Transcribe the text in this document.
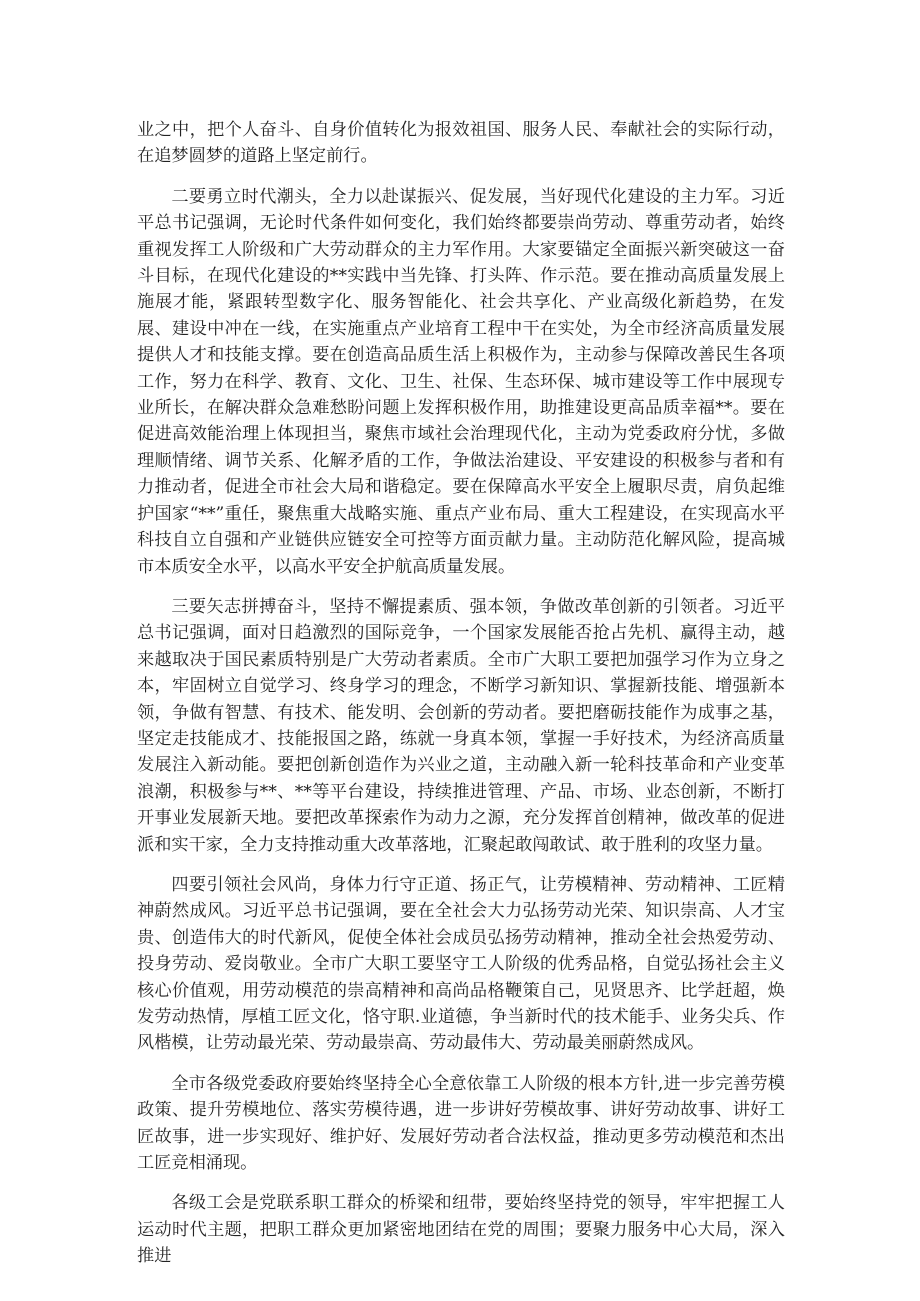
业之中，把个人奋斗、自身价值转化为报效祖国、服务人民、奉献社会的实际行动，在追梦圆梦的道路上坚定前行。

二要勇立时代潮头，全力以赴谋振兴、促发展，当好现代化建设的主力军。习近平总书记强调，无论时代条件如何变化，我们始终都要崇尚劳动、尊重劳动者，始终重视发挥工人阶级和广大劳动群众的主力军作用。大家要锚定全面振兴新突破这一奋斗目标，在现代化建设的**实践中当先锋、打头阵、作示范。要在推动高质量发展上施展才能，紧跟转型数字化、服务智能化、社会共享化、产业高级化新趋势，在发展、建设中冲在一线，在实施重点产业培育工程中干在实处，为全市经济高质量发展提供人才和技能支撑。要在创造高品质生活上积极作为，主动参与保障改善民生各项工作，努力在科学、教育、文化、卫生、社保、生态环保、城市建设等工作中展现专业所长，在解决群众急难愁盼问题上发挥积极作用，助推建设更高品质幸福**。要在促进高效能治理上体现担当，聚焦市域社会治理现代化，主动为党委政府分忧，多做理顺情绪、调节关系、化解矛盾的工作，争做法治建设、平安建设的积极参与者和有力推动者，促进全市社会大局和谐稳定。要在保障高水平安全上履职尽责，肩负起维护国家“**”重任，聚焦重大战略实施、重点产业布局、重大工程建设，在实现高水平科技自立自强和产业链供应链安全可控等方面贡献力量。主动防范化解风险，提高城市本质安全水平，以高水平安全护航高质量发展。

三要矢志拼搏奋斗，坚持不懈提素质、强本领，争做改革创新的引领者。习近平总书记强调，面对日趋激烈的国际竞争，一个国家发展能否抢占先机、赢得主动，越来越取决于国民素质特别是广大劳动者素质。全市广大职工要把加强学习作为立身之本，牢固树立自觉学习、终身学习的理念，不断学习新知识、掌握新技能、增强新本领，争做有智慧、有技术、能发明、会创新的劳动者。要把磨砺技能作为成事之基，坚定走技能成才、技能报国之路，练就一身真本领，掌握一手好技术，为经济高质量发展注入新动能。要把创新创造作为兴业之道，主动融入新一轮科技革命和产业变革浪潮，积极参与**、**等平台建设，持续推进管理、产品、市场、业态创新，不断打开事业发展新天地。要把改革探索作为动力之源，充分发挥首创精神，做改革的促进派和实干家，全力支持推动重大改革落地，汇聚起敢闯敢试、敢于胜利的攻坚力量。

四要引领社会风尚，身体力行守正道、扬正气，让劳模精神、劳动精神、工匠精神蔚然成风。习近平总书记强调，要在全社会大力弘扬劳动光荣、知识崇高、人才宝贵、创造伟大的时代新风，促使全体社会成员弘扬劳动精神，推动全社会热爱劳动、投身劳动、爱岗敬业。全市广大职工要坚守工人阶级的优秀品格，自觉弘扬社会主义核心价值观，用劳动模范的崇高精神和高尚品格鞭策自己，见贤思齐、比学赶超，焕发劳动热情，厚植工匠文化，恪守职.业道德，争当新时代的技术能手、业务尖兵、作风楷模，让劳动最光荣、劳动最崇高、劳动最伟大、劳动最美丽蔚然成风。

全市各级党委政府要始终坚持全心全意依靠工人阶级的根本方针,进一步完善劳模政策、提升劳模地位、落实劳模待遇，进一步讲好劳模故事、讲好劳动故事、讲好工匠故事，进一步实现好、维护好、发展好劳动者合法权益，推动更多劳动模范和杰出工匠竞相涌现。

各级工会是党联系职工群众的桥梁和纽带，要始终坚持党的领导，牢牢把握工人运动时代主题，把职工群众更加紧密地团结在党的周围；要聚力服务中心大局，深入推进
